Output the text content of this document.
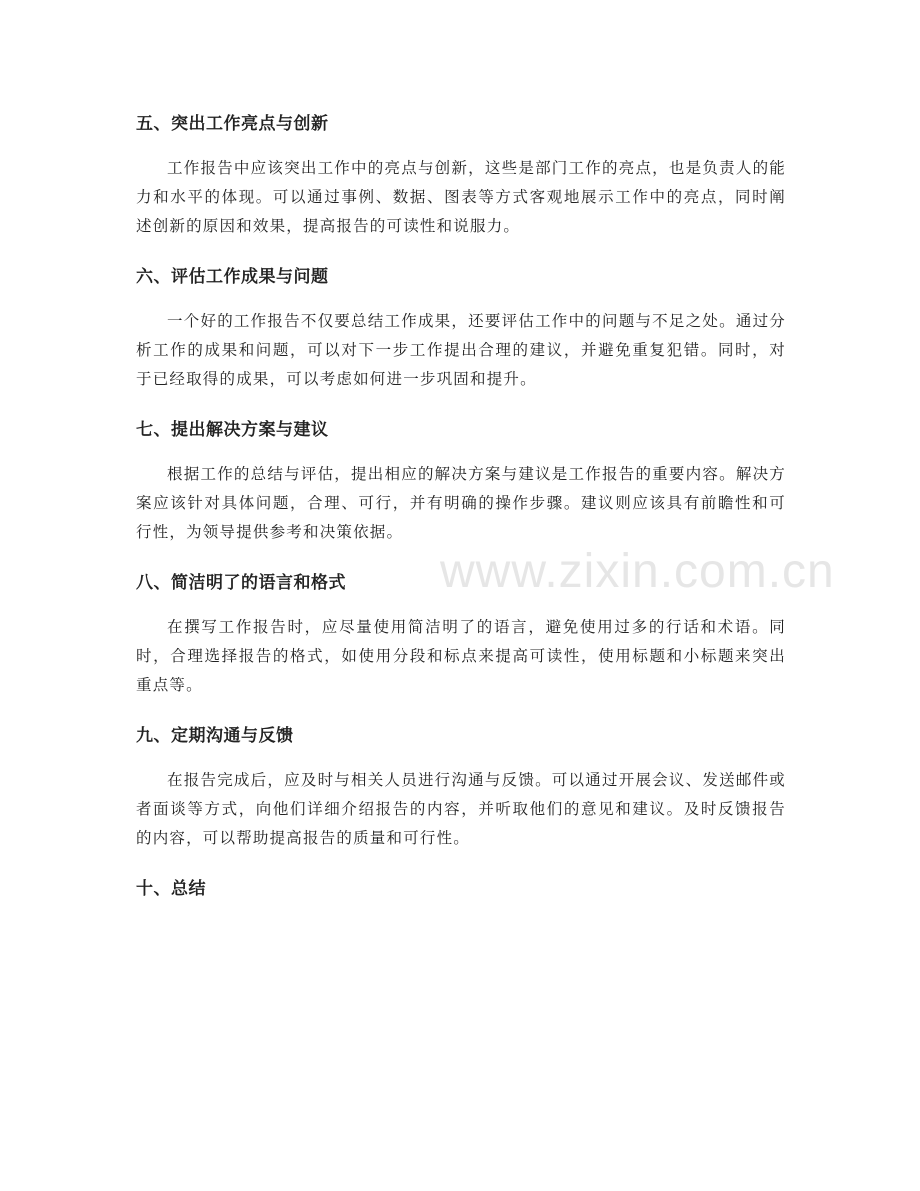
www.zixin.com.cn
五、突出工作亮点与创新

工作报告中应该突出工作中的亮点与创新，这些是部门工作的亮点，也是负责人的能力和水平的体现。可以通过事例、数据、图表等方式客观地展示工作中的亮点，同时阐述创新的原因和效果，提高报告的可读性和说服力。

六、评估工作成果与问题

一个好的工作报告不仅要总结工作成果，还要评估工作中的问题与不足之处。通过分析工作的成果和问题，可以对下一步工作提出合理的建议，并避免重复犯错。同时，对于已经取得的成果，可以考虑如何进一步巩固和提升。

七、提出解决方案与建议

根据工作的总结与评估，提出相应的解决方案与建议是工作报告的重要内容。解决方案应该针对具体问题，合理、可行，并有明确的操作步骤。建议则应该具有前瞻性和可行性，为领导提供参考和决策依据。

八、简洁明了的语言和格式

在撰写工作报告时，应尽量使用简洁明了的语言，避免使用过多的行话和术语。同时，合理选择报告的格式，如使用分段和标点来提高可读性，使用标题和小标题来突出重点等。

九、定期沟通与反馈

在报告完成后，应及时与相关人员进行沟通与反馈。可以通过开展会议、发送邮件或者面谈等方式，向他们详细介绍报告的内容，并听取他们的意见和建议。及时反馈报告的内容，可以帮助提高报告的质量和可行性。

十、总结
